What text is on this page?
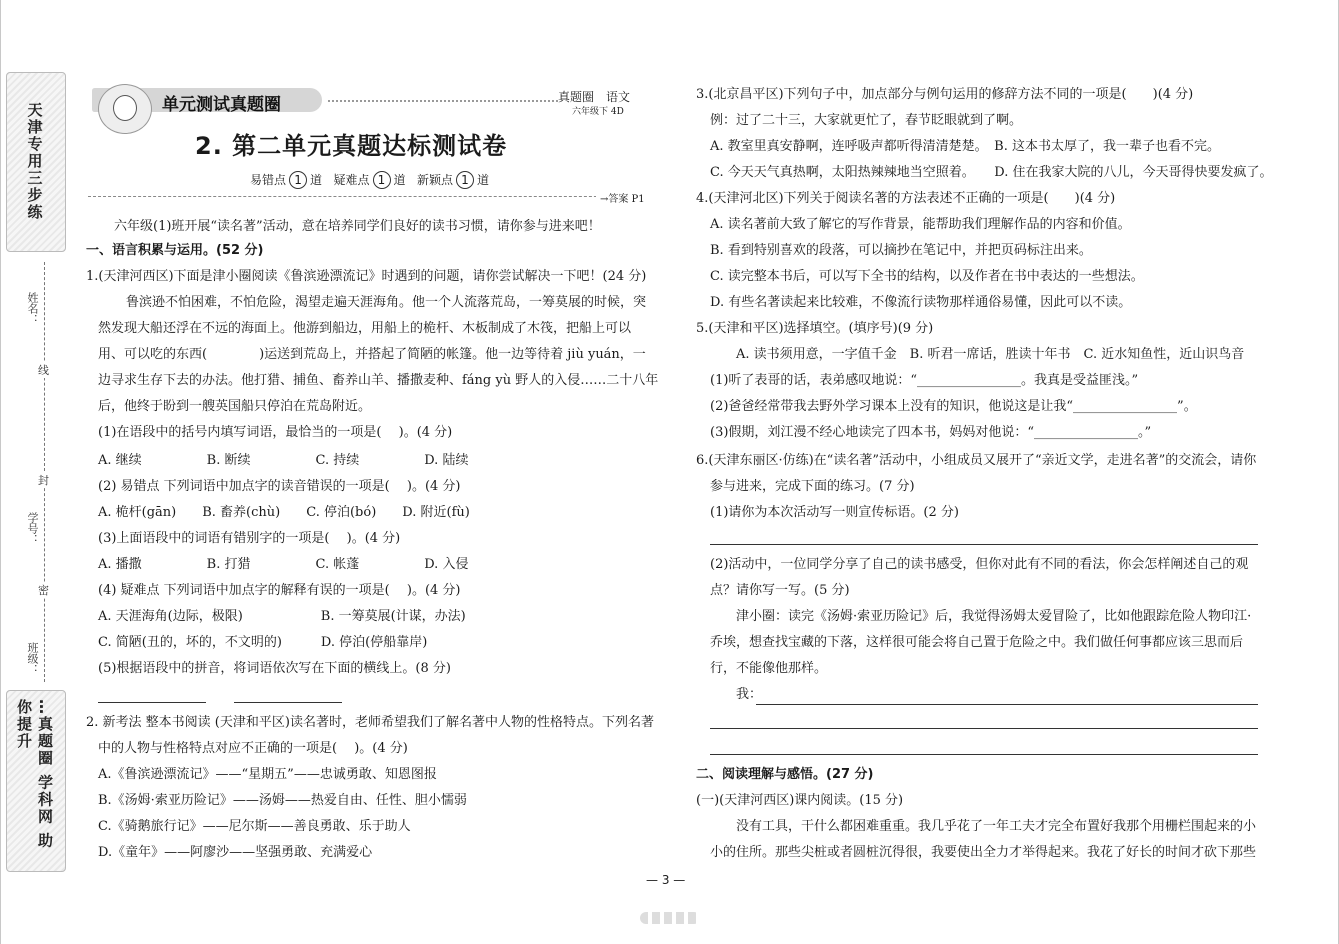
天津专用三步练
姓名：
学号：
班级：
线
封
密
…真题圈 学科网 助你提升
单元测试真题圈	真题圈　语文
六年级下 4D
2. 第二单元真题达标测试卷
易错点 1 道 疑难点 1 道 新颖点 1 道
→答案 P1
六年级(1)班开展“读名著”活动，意在培养同学们良好的读书习惯，请你参与进来吧！
一、语言积累与运用。(52 分)
1.(天津河西区)下面是津小圈阅读《鲁滨逊漂流记》时遇到的问题，请你尝试解决一下吧！(24 分)
鲁滨逊不怕困难，不怕危险，渴望走遍天涯海角。他一个人流落荒岛，一筹莫展的时候，突
然发现大船还浮在不远的海面上。他游到船边，用船上的桅杆、木板制成了木筏，把船上可以
用、可以吃的东西(　　　　)运送到荒岛上，并搭起了简陋的帐篷。他一边等待着 jiù yuán，一
边寻求生存下去的办法。他打猎、捕鱼、畜养山羊、播撒麦种、fáng yù 野人的入侵……二十八年
后，他终于盼到一艘英国船只停泊在荒岛附近。
(1)在语段中的括号内填写词语，最恰当的一项是(　 )。(4 分)
A. 继续　　　　　B. 断续　　　　　C. 持续　　　　　D. 陆续
(2) 易错点 下列词语中加点字的读音错误的一项是(　 )。(4 分)
A. 桅杆(gān)　　B. 畜养(chù)　　C. 停泊(bó)　　D. 附近(fù)
(3)上面语段中的词语有错别字的一项是(　 )。(4 分)
A. 播撒　　　　　B. 打猎　　　　　C. 帐蓬　　　　　D. 入侵
(4) 疑难点 下列词语中加点字的解释有误的一项是(　 )。(4 分)
A. 天涯海角(边际，极限)　　　　　　B. 一筹莫展(计谋，办法)
C. 简陋(丑的，坏的，不文明的)　　　D. 停泊(停船靠岸)
(5)根据语段中的拼音，将词语依次写在下面的横线上。(8 分)
2. 新考法 整本书阅读 (天津和平区)读名著时，老师希望我们了解名著中人物的性格特点。下列名著
中的人物与性格特点对应不正确的一项是(　 )。(4 分)
A.《鲁滨逊漂流记》——“星期五”——忠诚勇敢、知恩图报
B.《汤姆·索亚历险记》——汤姆——热爱自由、任性、胆小懦弱
C.《骑鹅旅行记》——尼尔斯——善良勇敢、乐于助人
D.《童年》——阿廖沙——坚强勇敢、充满爱心
3.(北京昌平区)下列句子中，加点部分与例句运用的修辞方法不同的一项是(　　)(4 分)
例：过了二十三，大家就更忙了，春节眨眼就到了啊。
A. 教室里真安静啊，连呼吸声都听得清清楚楚。　B. 这本书太厚了，我一辈子也看不完。
C. 今天天气真热啊，太阳热辣辣地当空照着。　　D. 住在我家大院的八儿，今天哥得快要发疯了。
4.(天津河北区)下列关于阅读名著的方法表述不正确的一项是(　　)(4 分)
A. 读名著前大致了解它的写作背景，能帮助我们理解作品的内容和价值。
B. 看到特别喜欢的段落，可以摘抄在笔记中，并把页码标注出来。
C. 读完整本书后，可以写下全书的结构，以及作者在书中表达的一些想法。
D. 有些名著读起来比较难，不像流行读物那样通俗易懂，因此可以不读。
5.(天津和平区)选择填空。(填序号)(9 分)
A. 读书须用意，一字值千金　B. 听君一席话，胜读十年书　C. 近水知鱼性，近山识鸟音
(1)听了表哥的话，表弟感叹地说：“________________。我真是受益匪浅。”
(2)爸爸经常带我去野外学习课本上没有的知识，他说这是让我“________________”。
(3)假期，刘江漫不经心地读完了四本书，妈妈对他说：“________________。”
6.(天津东丽区·仿练)在“读名著”活动中，小组成员又展开了“亲近文学，走进名著”的交流会，请你
参与进来，完成下面的练习。(7 分)
(1)请你为本次活动写一则宣传标语。(2 分)
(2)活动中，一位同学分享了自己的读书感受，但你对此有不同的看法，你会怎样阐述自己的观
点？请你写一写。(5 分)
津小圈：读完《汤姆·索亚历险记》后，我觉得汤姆太爱冒险了，比如他跟踪危险人物印江·
乔埃，想查找宝藏的下落，这样很可能会将自己置于危险之中。我们做任何事都应该三思而后
行，不能像他那样。
我：
二、阅读理解与感悟。(27 分)
(一)(天津河西区)课内阅读。(15 分)
没有工具，干什么都困难重重。我几乎花了一年工夫才完全布置好我那个用栅栏围起来的小
小的住所。那些尖桩或者圆桩沉得很，我要使出全力才举得起来。我花了好长的时间才砍下那些
— 3 —
